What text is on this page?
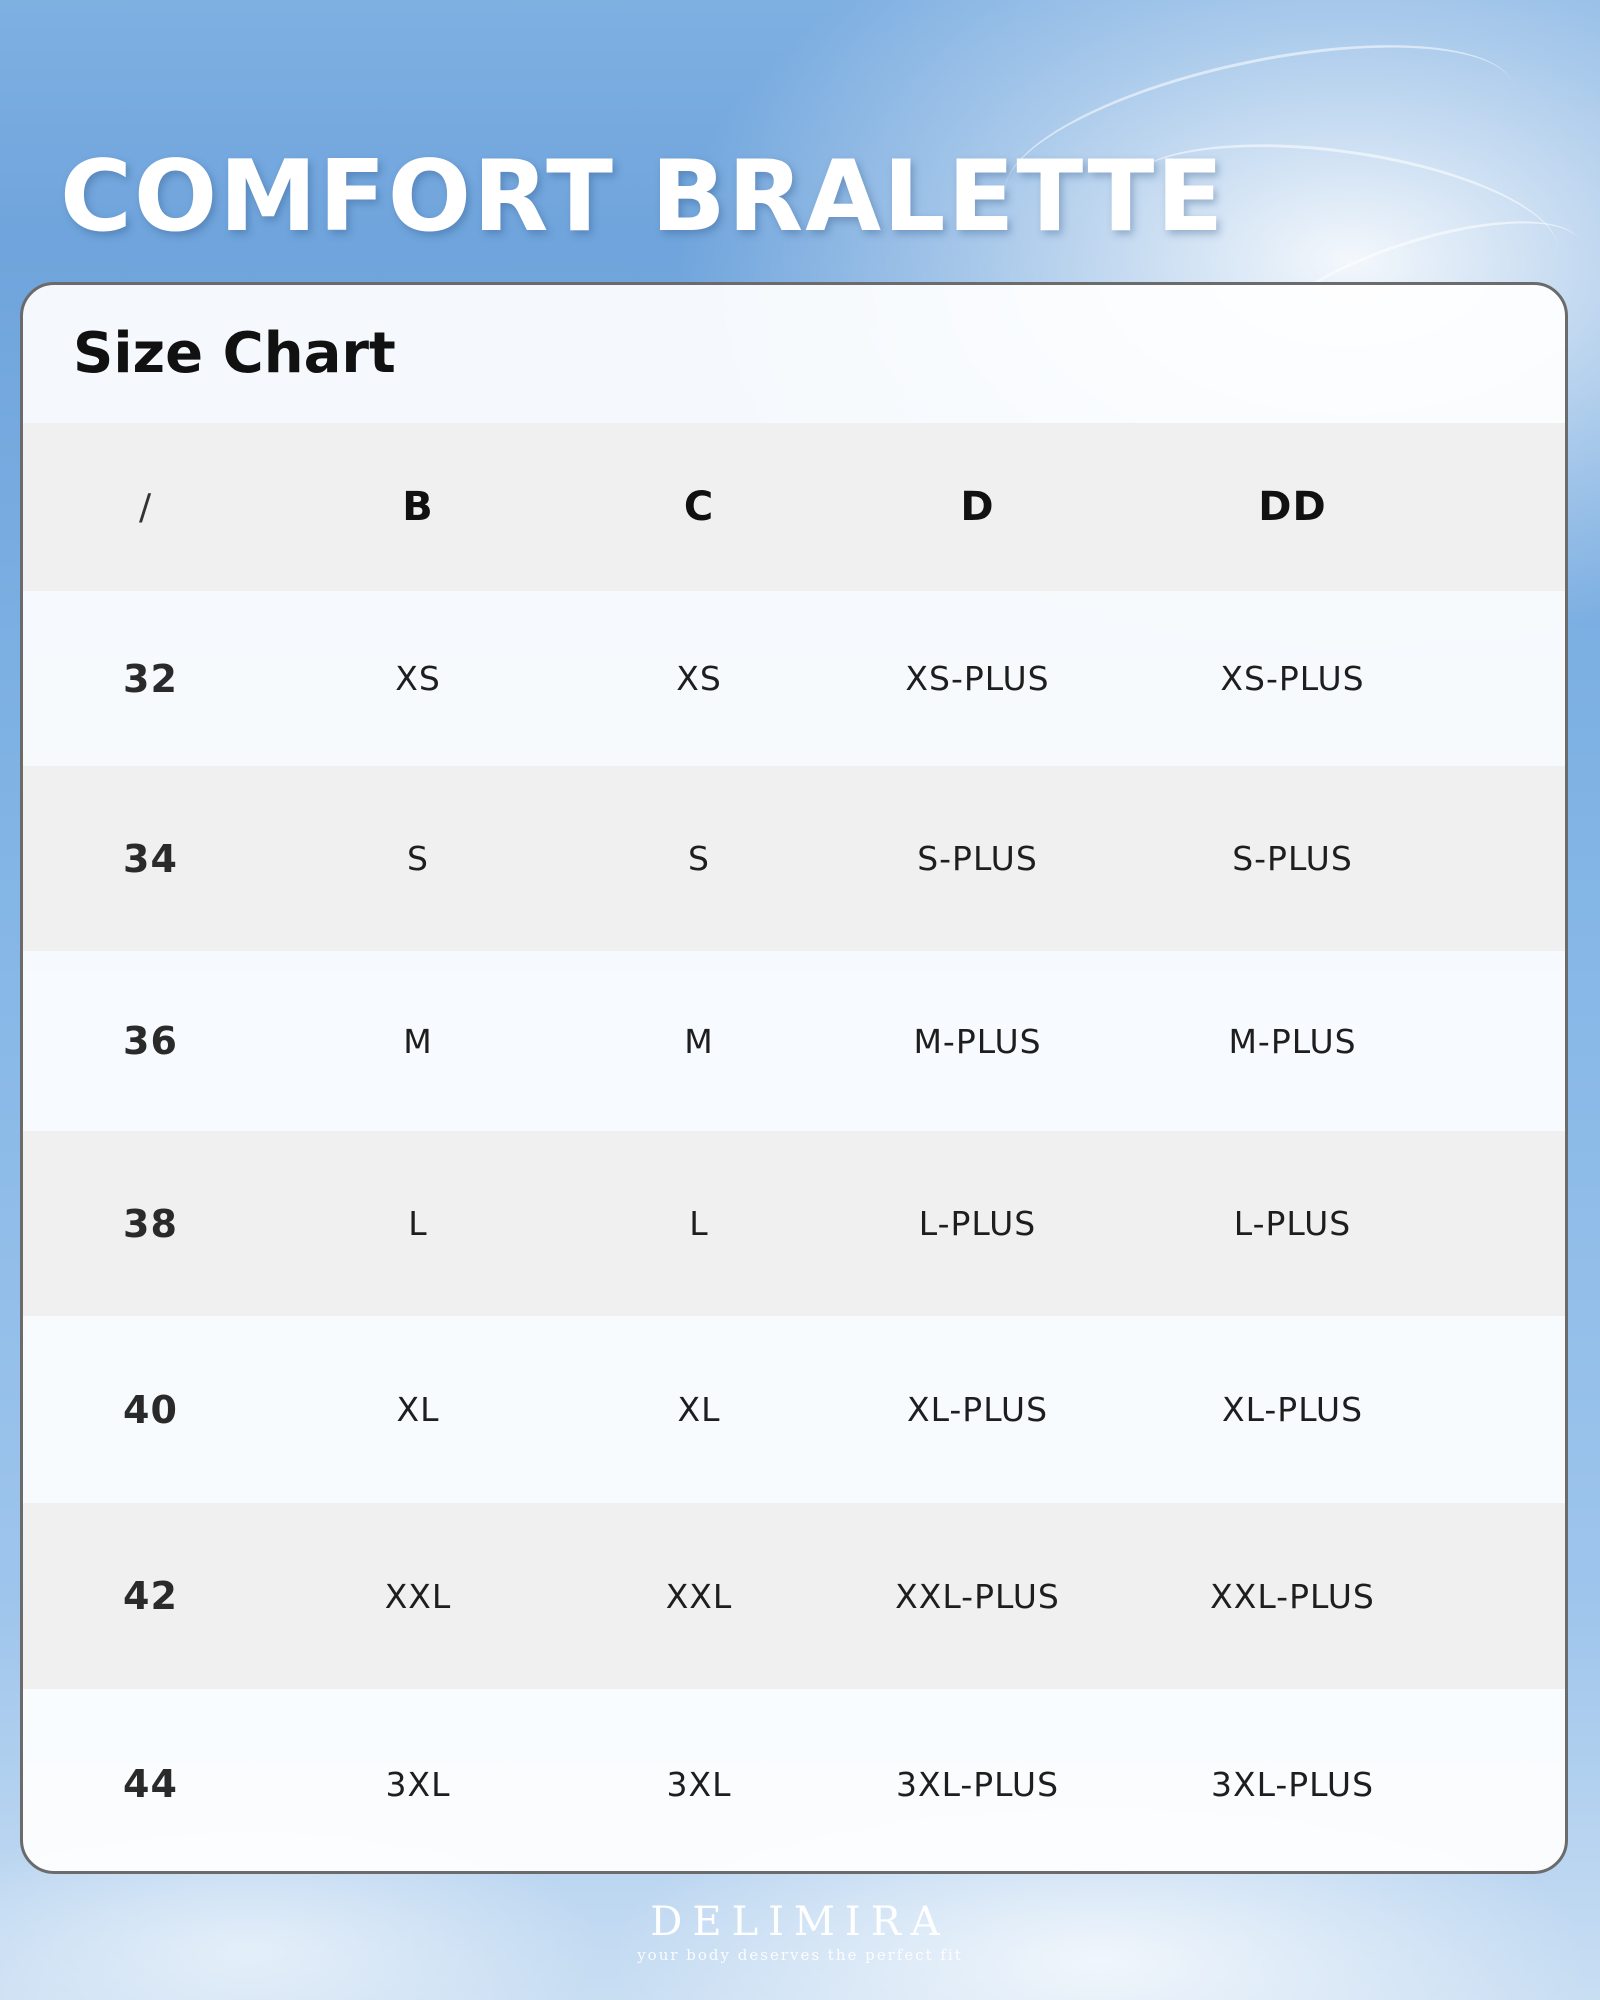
COMFORT BRALETTE
Size Chart
/	B	C	D	DD
32	XS	XS	XS-PLUS	XS-PLUS
34	S	S	S-PLUS	S-PLUS
36	M	M	M-PLUS	M-PLUS
38	L	L	L-PLUS	L-PLUS
40	XL	XL	XL-PLUS	XL-PLUS
42	XXL	XXL	XXL-PLUS	XXL-PLUS
44	3XL	3XL	3XL-PLUS	3XL-PLUS
DELIMIRA
your body deserves the perfect fit
